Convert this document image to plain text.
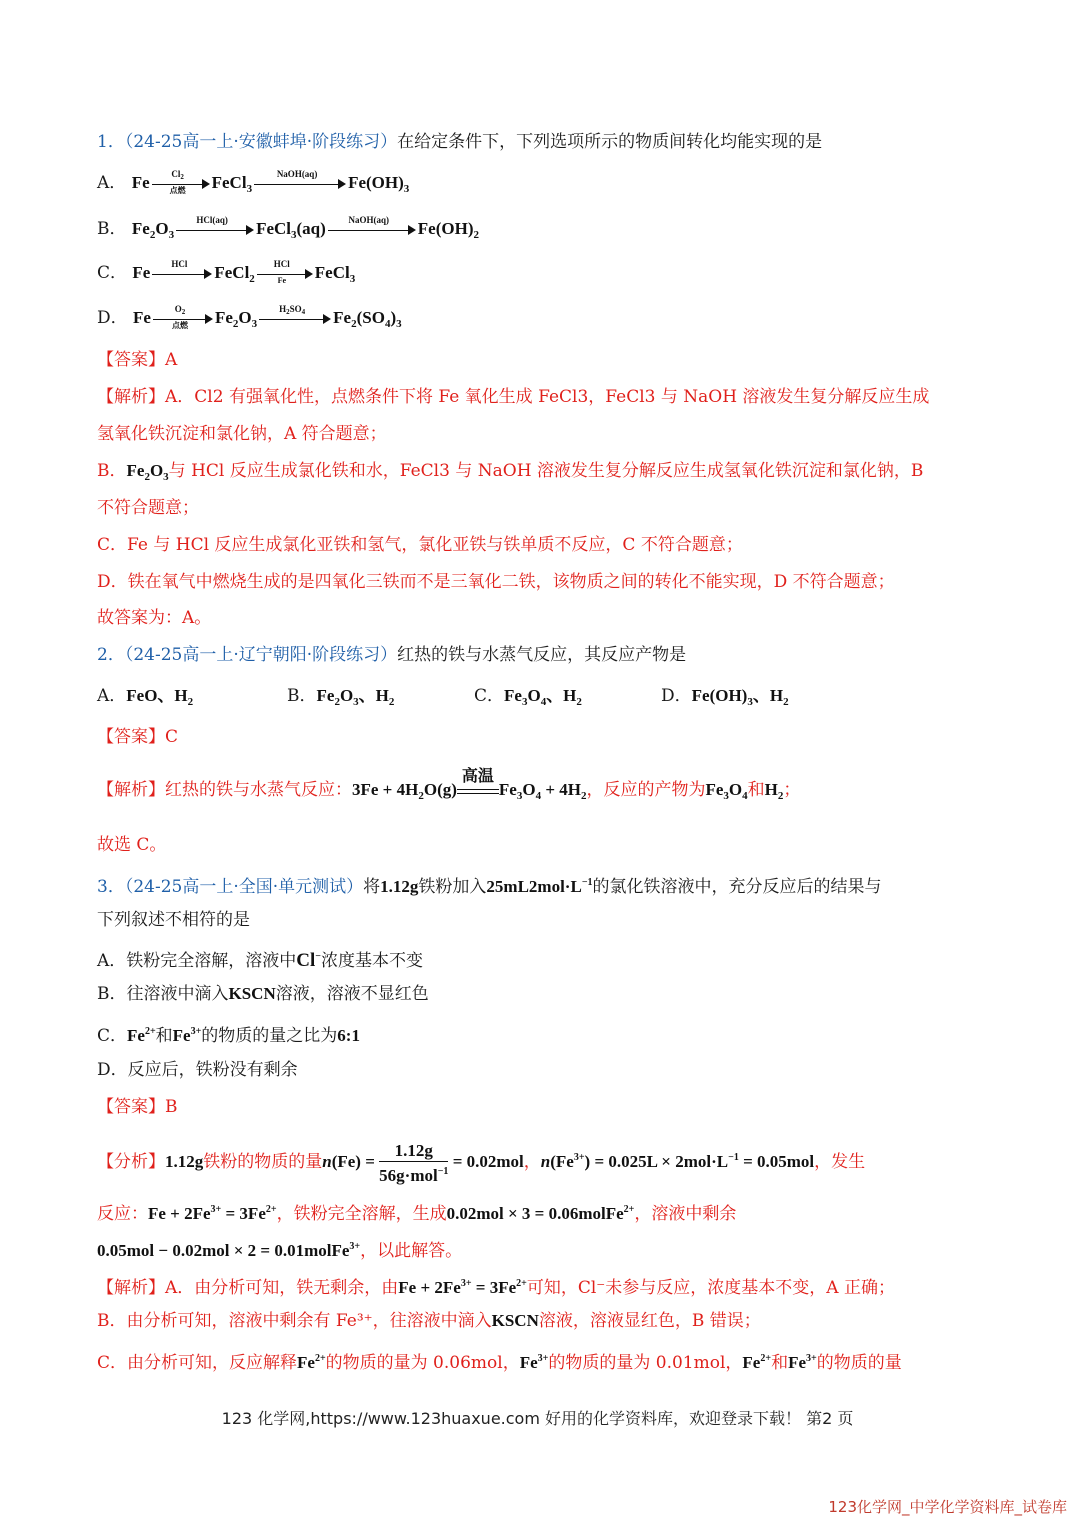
1．（24-25高一上·安徽蚌埠·阶段练习）在给定条件下，下列选项所示的物质间转化均能实现的是
A． Fe	$Cl_2$
点燃	FeCl$_3$
NaOH(aq)	$Fe(OH)_3$
B． $Fe_2O_3$
HCl(aq)	FeCl$_3$(aq)	NaOH(aq)	$Fe(OH)_2$
C． Fe	HCl	FeCl$_2$
HCl
Fe	FeCl$_3$
D． Fe	$O_2$
点燃	$Fe_2O_3$
$H_2SO_4$	$Fe_2(SO_4)_3$
【答案】A
【解析】A．Cl2 有强氧化性，点燃条件下将 Fe 氧化生成 FeCl3，FeCl3 与 NaOH 溶液发生复分解反应生成
氢氧化铁沉淀和氯化钠，A 符合题意；
B．$Fe_2O_3$与 HCl 反应生成氯化铁和水，FeCl3 与 NaOH 溶液发生复分解反应生成氢氧化铁沉淀和氯化钠，B
不符合题意；
C．Fe 与 HCl 反应生成氯化亚铁和氢气，氯化亚铁与铁单质不反应，C 不符合题意；
D．铁在氧气中燃烧生成的是四氧化三铁而不是三氧化二铁，该物质之间的转化不能实现，D 不符合题意；
故答案为：A。
2．（24-25高一上·辽宁朝阳·阶段练习）红热的铁与水蒸气反应，其反应产物是
A．FeO、$H_2$	B．$Fe_2O_3$、$H_2$	C．$Fe_3O_4$、$H_2$	D．$Fe(OH)_3$、$H_2$
【答案】C
【解析】红热的铁与水蒸气反应：$3Fe + 4H_2O(g)$
高温
$Fe_3O_4 + 4H_2$，反应的产物为$Fe_3O_4$和$H_2$；
故选 C。
3．（24-25高一上·全国·单元测试）将1.12g铁粉加入$25mL2mol\cdot L^{-1}$的氯化铁溶液中，充分反应后的结果与
下列叙述不相符的是
A．铁粉完全溶解，溶液中Cl−浓度基本不变
B．往溶液中滴入KSCN溶液，溶液不显红色
C．$Fe^{2+}$和$Fe^{3+}$的物质的量之比为6:1
D．反应后，铁粉没有剩余
【答案】B
【分析】1.12g铁粉的物质的量$n(Fe) = \frac{1.12g}{56g\cdot mol^{-1}} = 0.02mol$，$n(Fe^{3+}) = 0.025L \times 2mol\cdot L^{-1} = 0.05mol$，发生
反应：$Fe + 2Fe^{3+} = 3Fe^{2+}$，铁粉完全溶解，生成0.02mol × 3 = 0.06molFe$^{2+}$，溶液中剩余
0.05mol − 0.02mol × 2 = 0.01molFe$^{3+}$，以此解答。
【解析】A．由分析可知，铁无剩余，由$Fe + 2Fe^{3+} = 3Fe^{2+}$可知，Cl⁻未参与反应，浓度基本不变，A 正确；
B．由分析可知，溶液中剩余有 Fe³⁺，往溶液中滴入KSCN溶液，溶液显红色，B 错误；
C．由分析可知，反应解释$Fe^{2+}$的物质的量为 0.06mol，$Fe^{3+}$的物质的量为 0.01mol，$Fe^{2+}$和$Fe^{3+}$的物质的量
123 化学网,https://www.123huaxue.com 好用的化学资料库，欢迎登录下载！ 第2 页
123化学网_中学化学资料库_试卷库
